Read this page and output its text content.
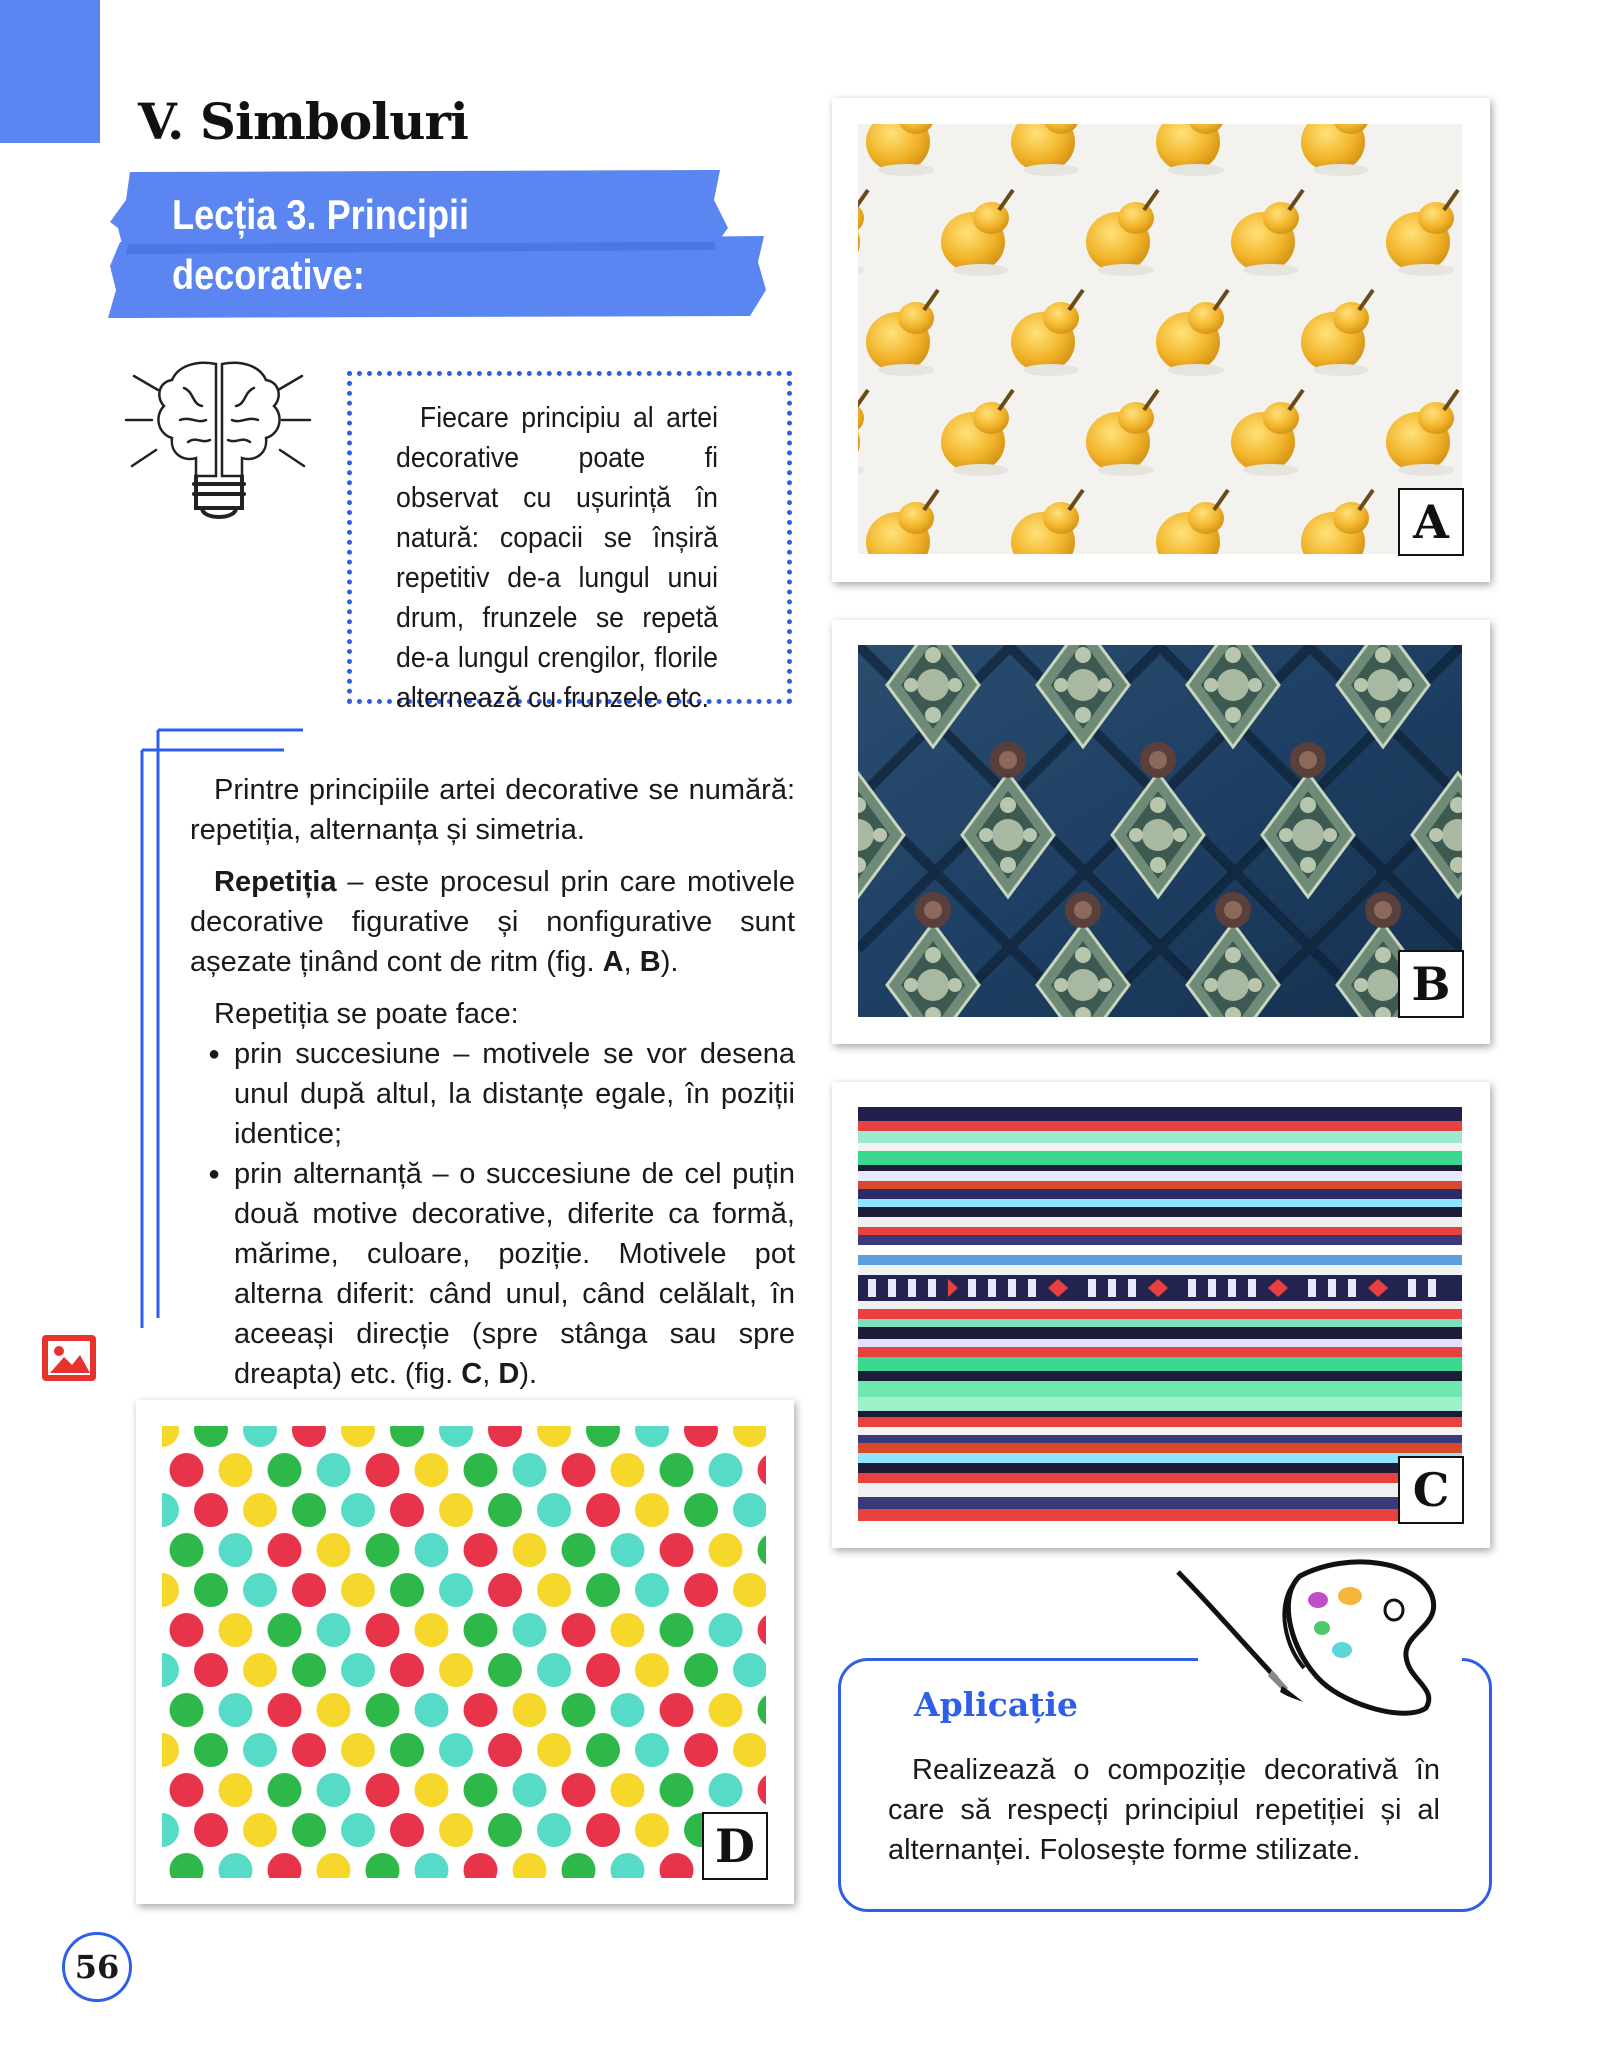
V. Simboluri
Lecția 3. Principii decorative:
repetiția, alternanța, simetria

Fiecare principiu al artei decorative poate fi observat cu ușurință în natură: copacii se înșiră repetitiv de-a lungul unui drum, frunzele se repetă de-a lungul crengilor, florile alternează cu frunzele etc.

Printre principiile artei decorative se numără: repetiția, alternanța și simetria.

Repetiția – este procesul prin care motivele decorative figurative și nonfigurative sunt așezate ținând cont de ritm (fig. A, B).

Repetiția se poate face:

● prin succesiune – motivele se vor desena unul după altul, la distanțe egale, în poziții identice;
● prin alternanță – o succesiune de cel puțin două motive decorative, diferite ca formă, mărime, culoare, poziție. Motivele pot alterna diferit: când unul, când celălalt, în aceeași direcție (spre stânga sau spre dreapta) etc. (fig. C, D).
A
B
C
D
Aplicație

Realizează o compoziție decorativă în care să respecți principiul repetiției și al alternanței. Folosește forme stilizate.

56
